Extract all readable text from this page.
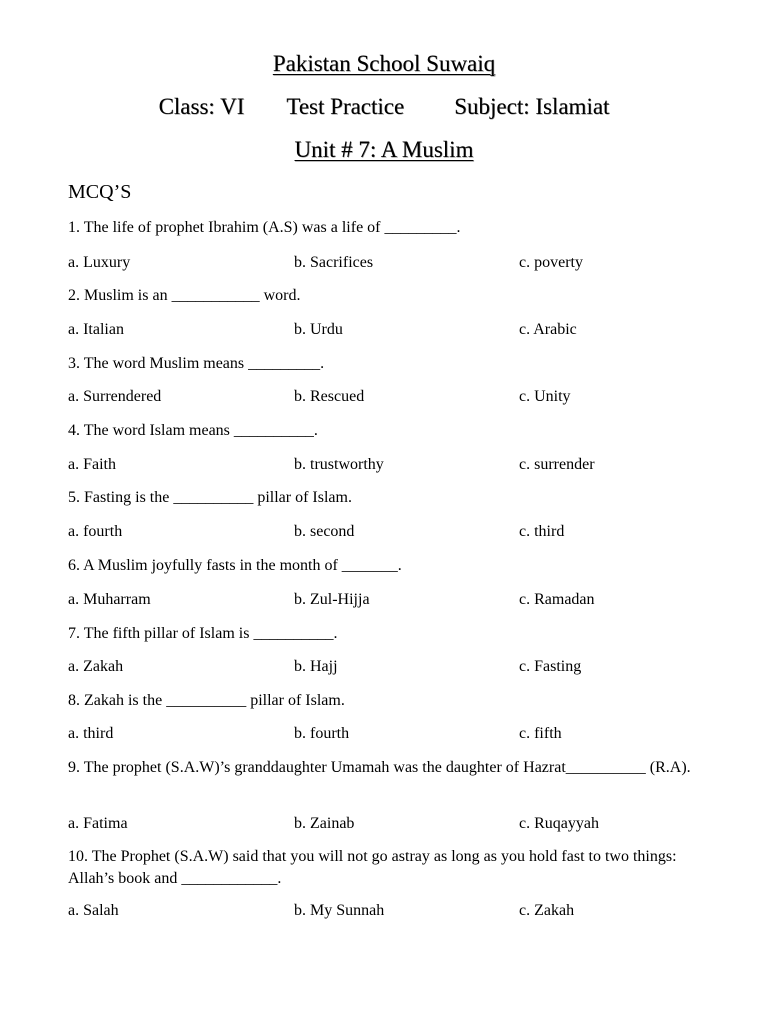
Pakistan School Suwaiq
Class: VI Test Practice Subject: Islamiat
Unit # 7: A Muslim
MCQ’S
1. The life of prophet Ibrahim (A.S) was a life of _________.
a. Luxury	b. Sacrifices	c. poverty
2. Muslim is an ___________ word.
a. Italian	b. Urdu	c. Arabic
3. The word Muslim means _________.
a. Surrendered	b. Rescued	c. Unity
4. The word Islam means __________.
a. Faith	b. trustworthy	c. surrender
5. Fasting is the __________ pillar of Islam.
a. fourth	b. second	c. third
6. A Muslim joyfully fasts in the month of _______.
a. Muharram	b. Zul-Hijja	c. Ramadan
7. The fifth pillar of Islam is __________.
a. Zakah	b. Hajj	c. Fasting
8. Zakah is the __________ pillar of Islam.
a. third	b. fourth	c. fifth
9. The prophet (S.A.W)’s granddaughter Umamah was the daughter of Hazrat__________ (R.A).
a. Fatima	b. Zainab	c. Ruqayyah
10. The Prophet (S.A.W) said that you will not go astray as long as you hold fast to two things: Allah’s book and ____________.
a. Salah	b. My Sunnah	c. Zakah
